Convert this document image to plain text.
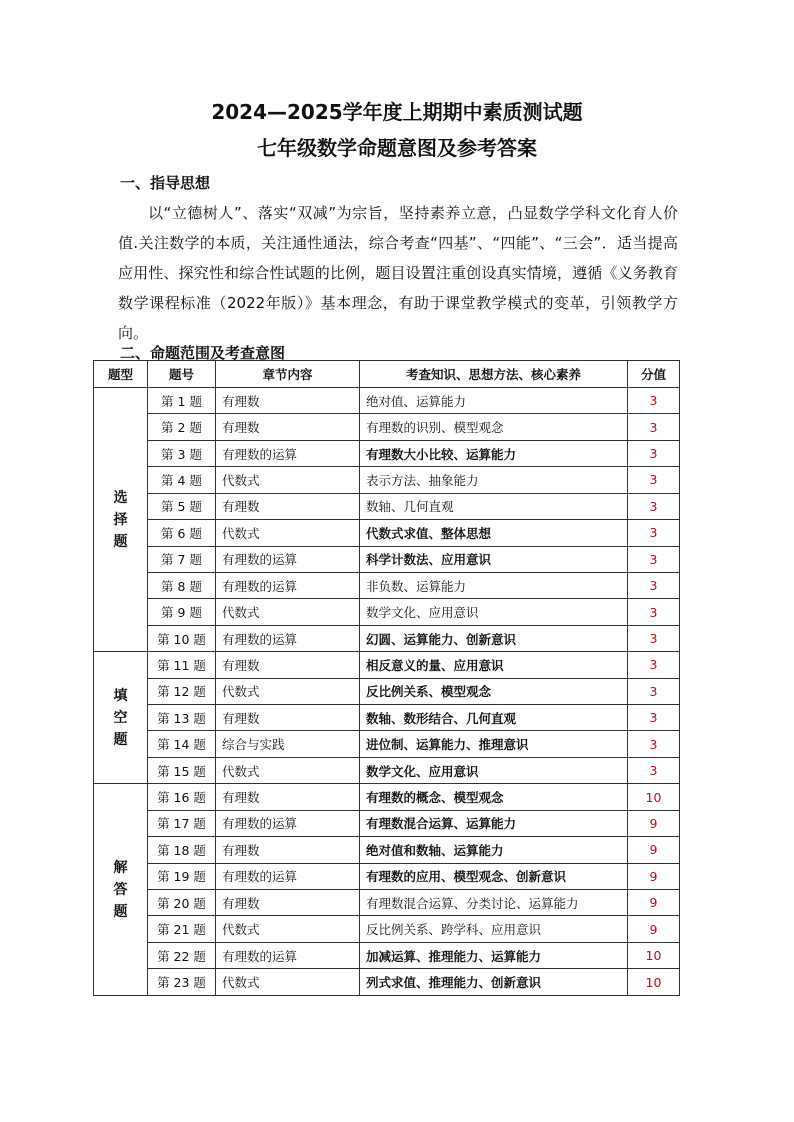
2024—2025学年度上期期中素质测试题
七年级数学命题意图及参考答案
一、指导思想
以“立德树人”、落实“双减”为宗旨，坚持素养立意，凸显数学学科文化育人价值.关注数学的本质，关注通性通法，综合考查“四基”、“四能”、“三会”．适当提高应用性、探究性和综合性试题的比例，题目设置注重创设真实情境，遵循《义务教育数学课程标准（2022年版）》基本理念，有助于课堂教学模式的变革，引领教学方向。
二、命题范围及考查意图
题型	题号	章节内容	考查知识、思想方法、核心素养	分值
选择题	第 1 题	有理数	绝对值、运算能力	3
	第 2 题	有理数	有理数的识别、模型观念	3
	第 3 题	有理数的运算	有理数大小比较、运算能力	3
	第 4 题	代数式	表示方法、抽象能力	3
	第 5 题	有理数	数轴、几何直观	3
	第 6 题	代数式	代数式求值、整体思想	3
	第 7 题	有理数的运算	科学计数法、应用意识	3
	第 8 题	有理数的运算	非负数、运算能力	3
	第 9 题	代数式	数学文化、应用意识	3
	第 10 题	有理数的运算	幻圆、运算能力、创新意识	3
填空题	第 11 题	有理数	相反意义的量、应用意识	3
	第 12 题	代数式	反比例关系、模型观念	3
	第 13 题	有理数	数轴、数形结合、几何直观	3
	第 14 题	综合与实践	进位制、运算能力、推理意识	3
	第 15 题	代数式	数学文化、应用意识	3
解答题	第 16 题	有理数	有理数的概念、模型观念	10
	第 17 题	有理数的运算	有理数混合运算、运算能力	9
	第 18 题	有理数	绝对值和数轴、运算能力	9
	第 19 题	有理数的运算	有理数的应用、模型观念、创新意识	9
	第 20 题	有理数	有理数混合运算、分类讨论、运算能力	9
	第 21 题	代数式	反比例关系、跨学科、应用意识	9
	第 22 题	有理数的运算	加减运算、推理能力、运算能力	10
	第 23 题	代数式	列式求值、推理能力、创新意识	10
